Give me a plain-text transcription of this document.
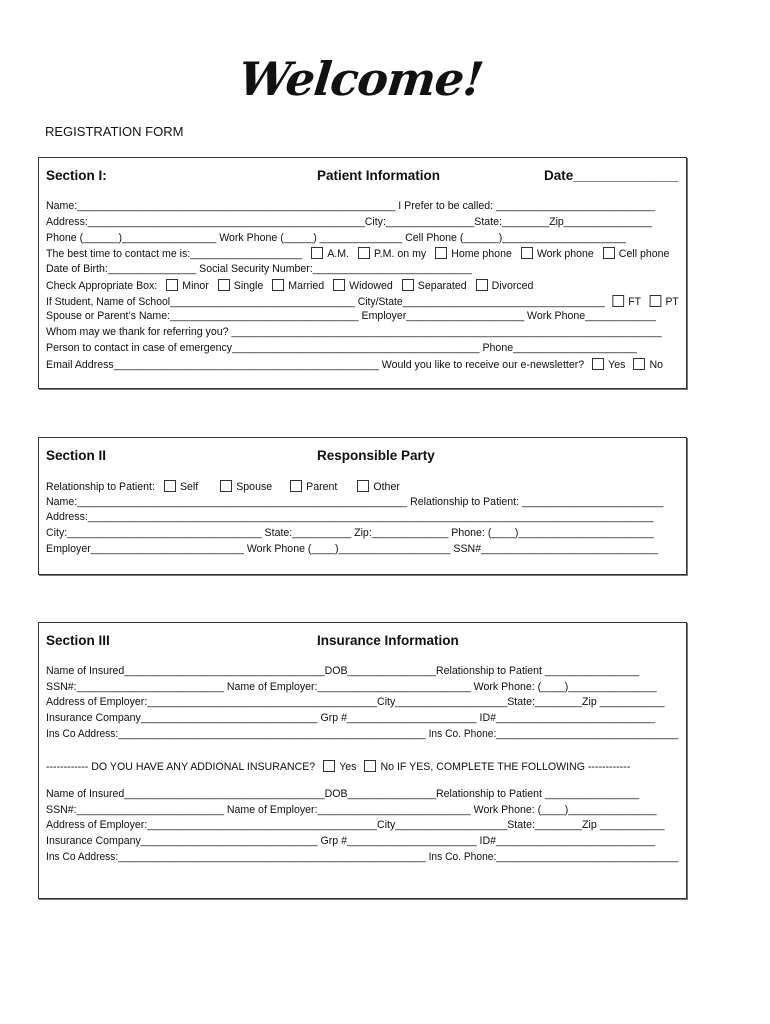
Welcome!
REGISTRATION FORM
Section I:	Patient Information	Date______________
Name:______________________________________________________ I Prefer to be called: ___________________________
Address:_______________________________________________City:_______________State:________Zip_______________
Phone (______)________________ Work Phone (_____) ______________ Cell Phone (______)_____________________
The best time to contact me is:___________________ A.M. P.M. on my Home phone Work phone Cell phone
Date of Birth:_______________ Social Security Number:___________________________
Check Appropriate Box: Minor Single Married Widowed Separated Divorced
If Student, Name of School________________________________ City/State___________________________________ FT PT
Spouse or Parent’s Name:________________________________ Employer____________________ Work Phone____________
Whom may we thank for referring you? _________________________________________________________________________
Person to contact in case of emergency__________________________________________ Phone_____________________
Email Address_____________________________________________ Would you like to receive our e-newsletter? Yes No
Section II	Responsible Party
Relationship to Patient: Self	Spouse	Parent	Other
Name:________________________________________________________ Relationship to Patient: ________________________
Address:________________________________________________________________________________________________
City:_________________________________ State:__________ Zip:_____________ Phone: (____)_______________________
Employer__________________________ Work Phone (____)___________________ SSN#______________________________
Section III	Insurance Information
Name of Insured__________________________________DOB_______________Relationship to Patient ________________
SSN#:_________________________ Name of Employer:__________________________ Work Phone: (____)_______________
Address of Employer:_______________________________________City___________________State:________Zip ___________
Insurance Company______________________________ Grp #______________________ ID#___________________________
Ins Co Address:______________________________________________________ Ins Co. Phone:________________________________
------------ DO YOU HAVE ANY ADDIONAL INSURANCE? Yes No IF YES, COMPLETE THE FOLLOWING ------------
Name of Insured__________________________________DOB_______________Relationship to Patient ________________
SSN#:_________________________ Name of Employer:__________________________ Work Phone: (____)_______________
Address of Employer:_______________________________________City___________________State:________Zip ___________
Insurance Company______________________________ Grp #______________________ ID#___________________________
Ins Co Address:______________________________________________________ Ins Co. Phone:________________________________
